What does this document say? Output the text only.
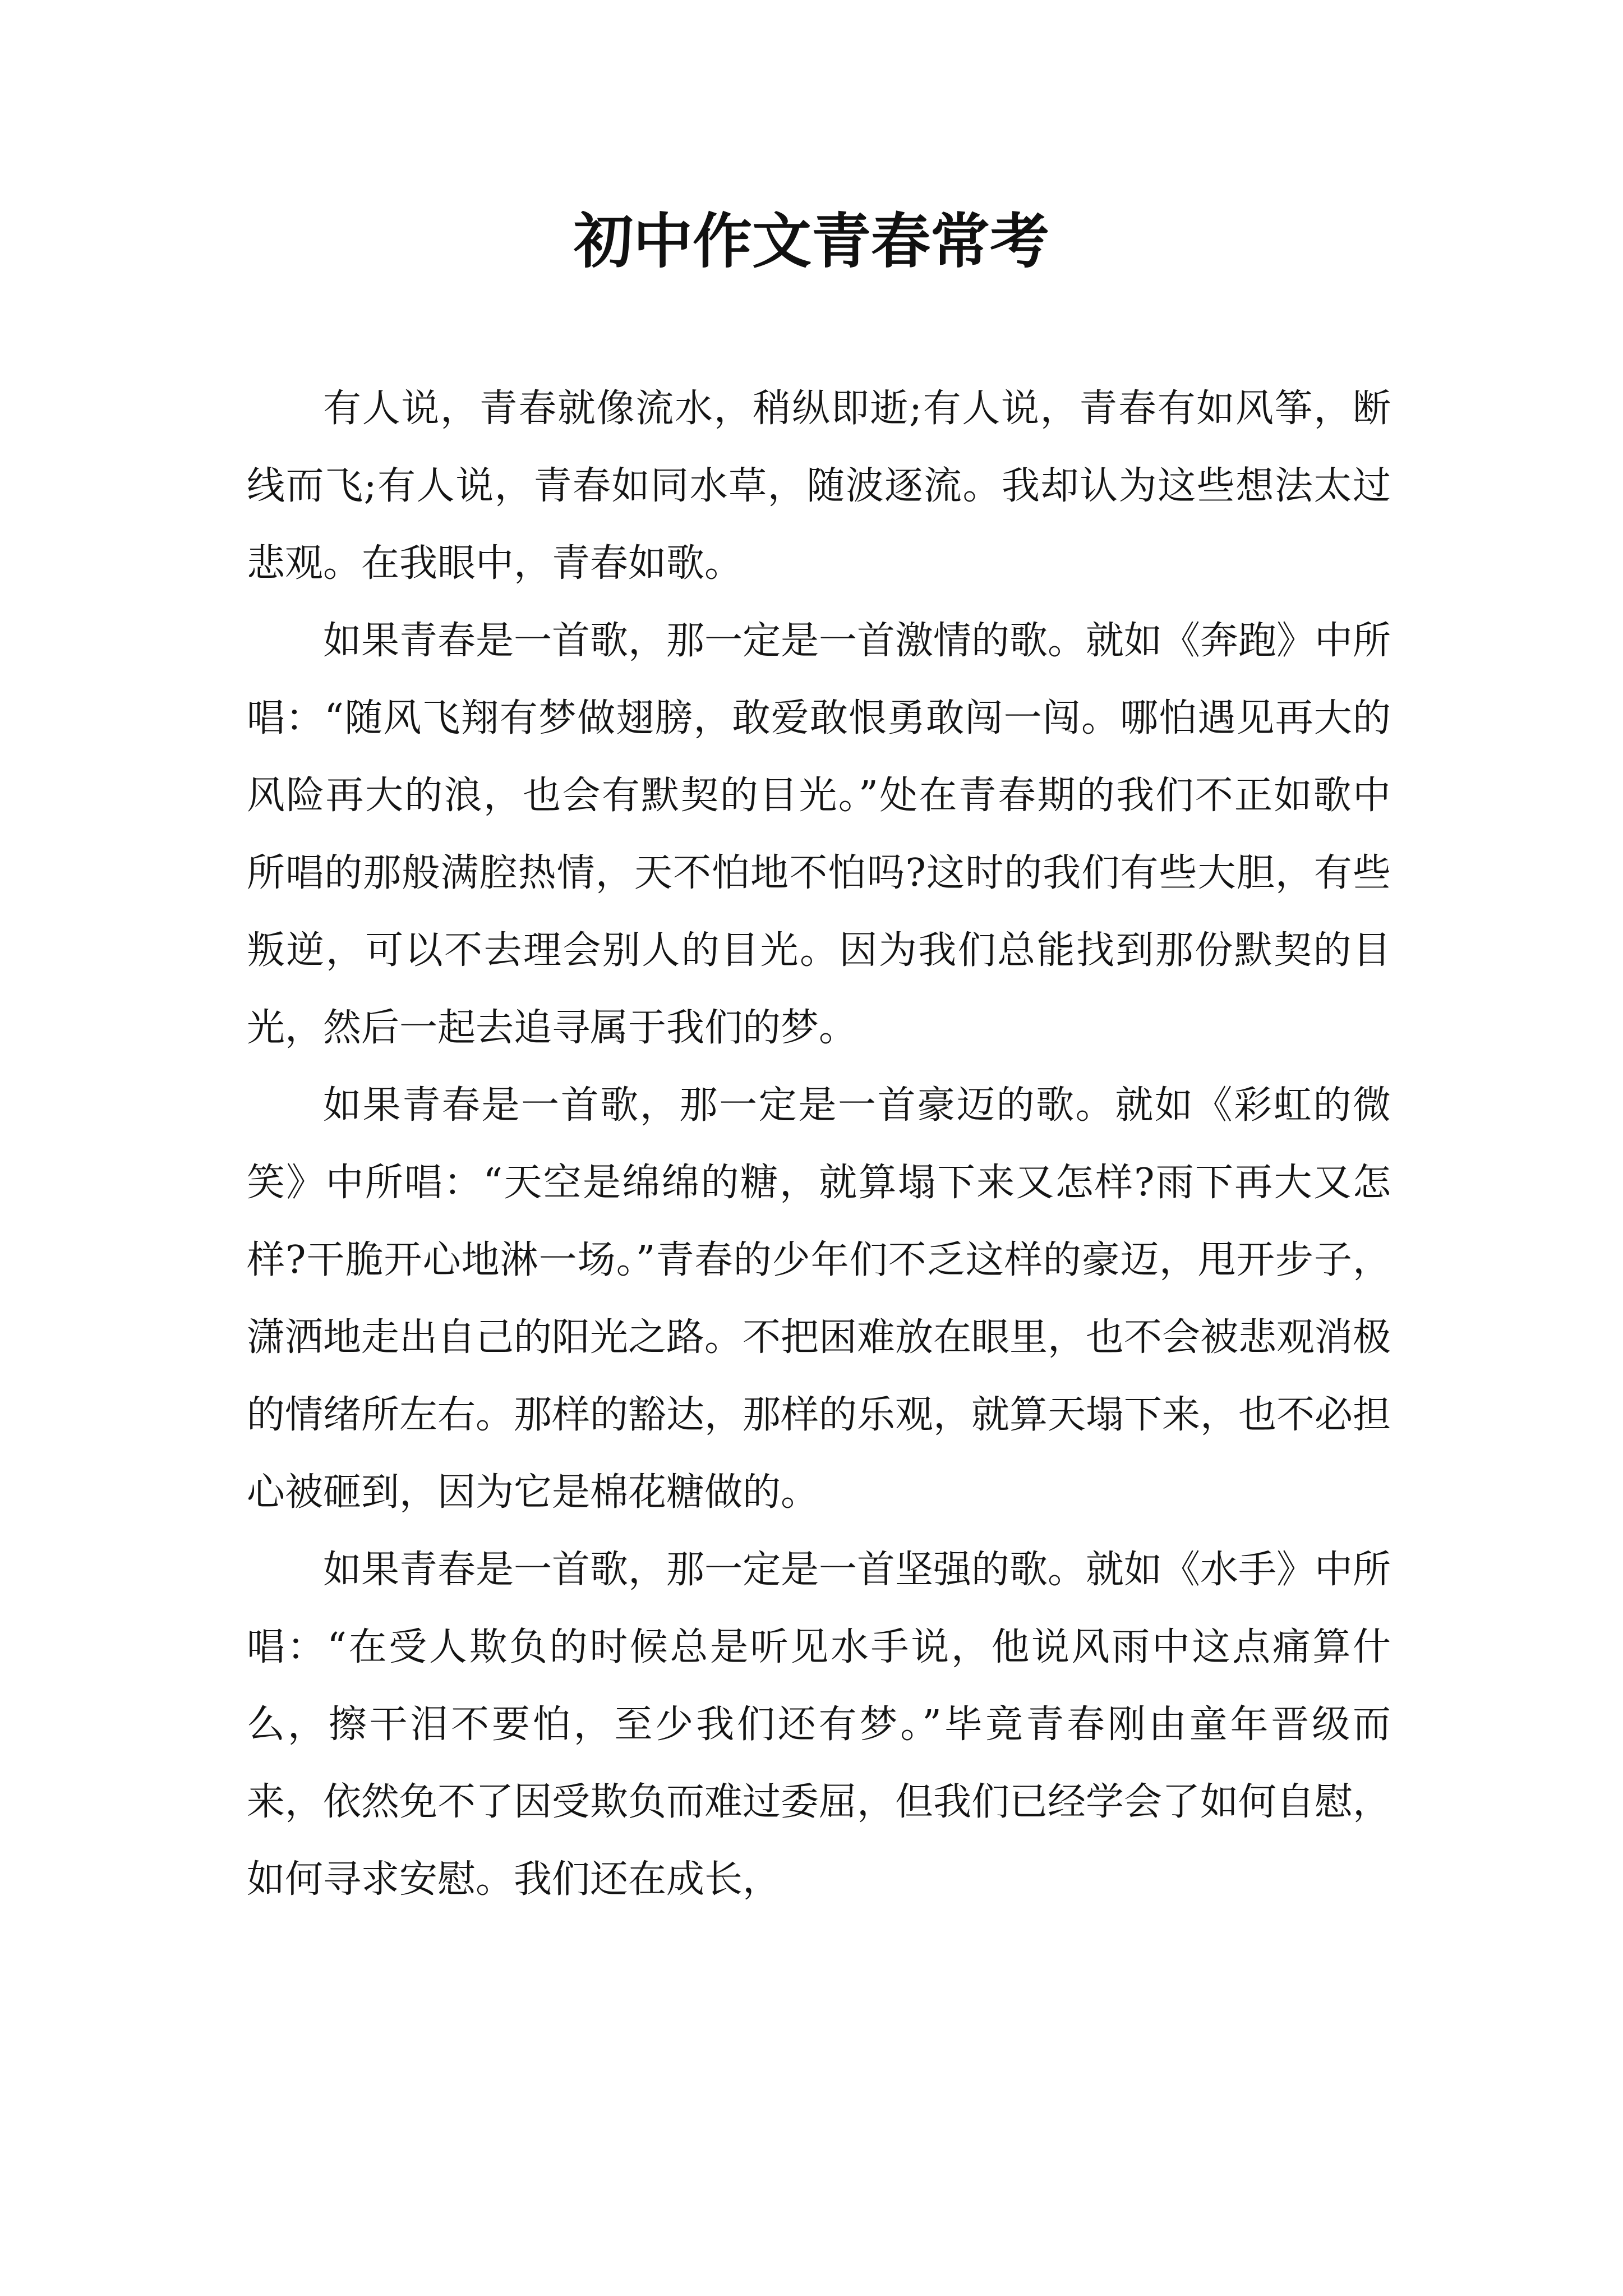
初中作文青春常考

有人说，青春就像流水，稍纵即逝;有人说，青春有如风筝，断线而飞;有人说，青春如同水草，随波逐流。我却认为这些想法太过悲观。在我眼中，青春如歌。

如果青春是一首歌，那一定是一首激情的歌。就如《奔跑》中所唱：“随风飞翔有梦做翅膀，敢爱敢恨勇敢闯一闯。哪怕遇见再大的风险再大的浪，也会有默契的目光。”处在青春期的我们不正如歌中所唱的那般满腔热情，天不怕地不怕吗?这时的我们有些大胆，有些叛逆，可以不去理会别人的目光。因为我们总能找到那份默契的目光，然后一起去追寻属于我们的梦。

如果青春是一首歌，那一定是一首豪迈的歌。就如《彩虹的微笑》中所唱：“天空是绵绵的糖，就算塌下来又怎样?雨下再大又怎样?干脆开心地淋一场。”青春的少年们不乏这样的豪迈，甩开步子，潇洒地走出自己的阳光之路。不把困难放在眼里，也不会被悲观消极的情绪所左右。那样的豁达，那样的乐观，就算天塌下来，也不必担心被砸到，因为它是棉花糖做的。

如果青春是一首歌，那一定是一首坚强的歌。就如《水手》中所唱：“在受人欺负的时候总是听见水手说，他说风雨中这点痛算什么，擦干泪不要怕，至少我们还有梦。”毕竟青春刚由童年晋级而来，依然免不了因受欺负而难过委屈，但我们已经学会了如何自慰，如何寻求安慰。我们还在成长，
